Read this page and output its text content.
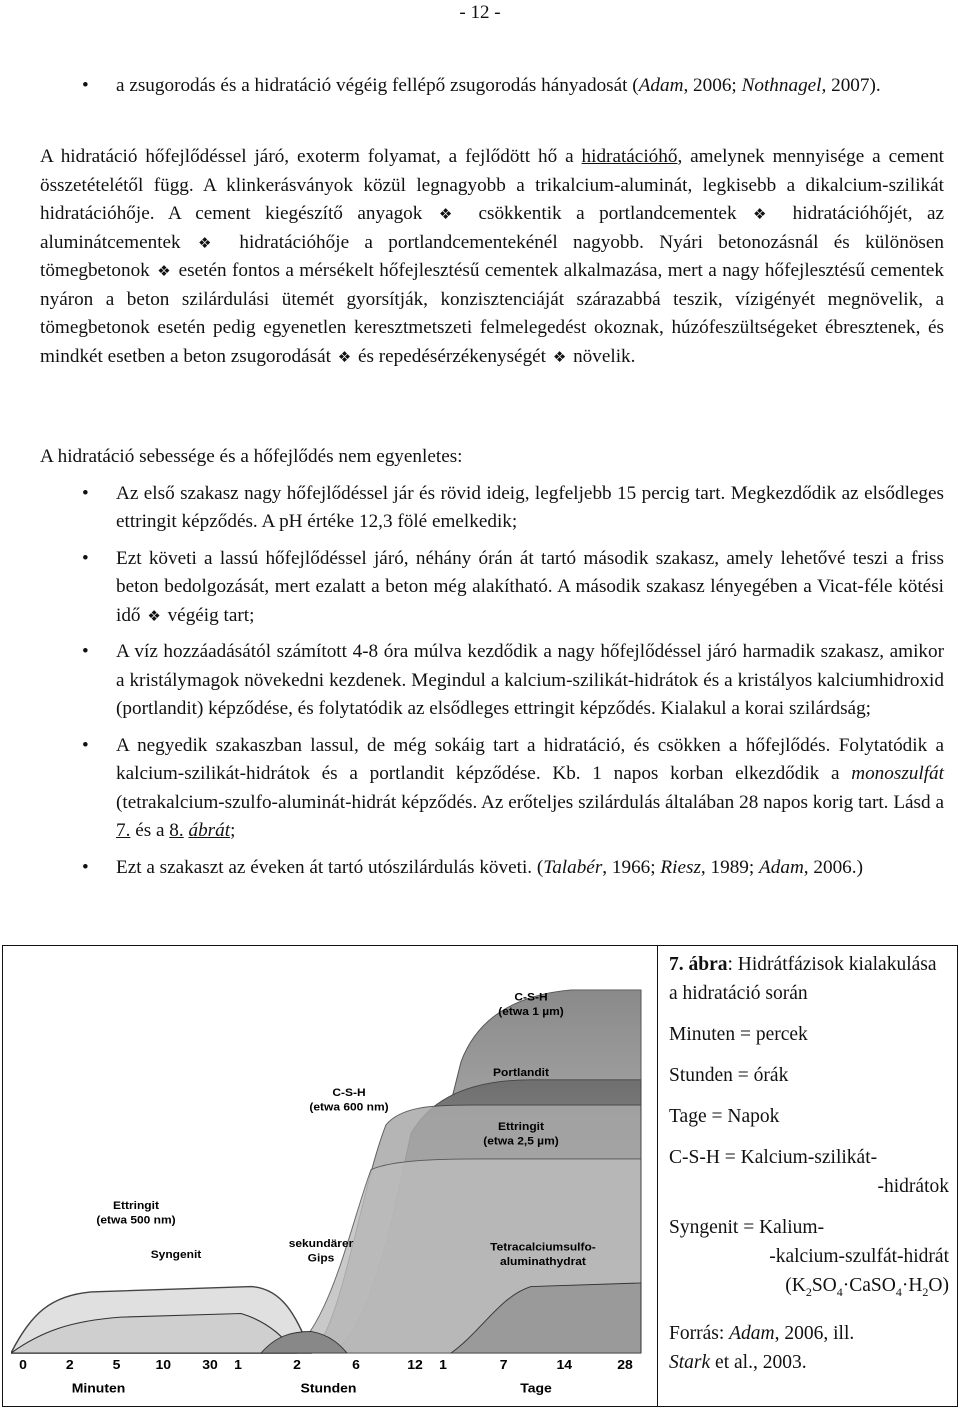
- 12 -
• a zsugorodás és a hidratáció végéig fellépő zsugorodás hányadosát (Adam, 2006; Nothnagel, 2007).

A hidratáció hőfejlődéssel járó, exoterm folyamat, a fejlődött hő a hidratációhő, amelynek mennyisége a cement összetételétől függ. A klinkerásványok közül legnagyobb a trikalcium-aluminát, legkisebb a dikalcium-szilikát hidratációhője. A cement kiegészítő anyagok ❖ csökkentik a portlandcementek ❖ hidratációhőjét, az aluminátcementek ❖ hidratációhője a portlandcementekénél nagyobb. Nyári betonozásnál és különösen tömegbetonok ❖ esetén fontos a mérsékelt hőfejlesztésű cementek alkalmazása, mert a nagy hőfejlesztésű cementek nyáron a beton szilárdulási ütemét gyorsítják, konzisztenciáját szárazabbá teszik, vízigényét megnövelik, a tömegbetonok esetén pedig egyenetlen keresztmetszeti felmelegedést okoznak, húzófeszültségeket ébresztenek, és mindkét esetben a beton zsugorodását ❖ és repedésérzékenységét ❖ növelik.

A hidratáció sebessége és a hőfejlődés nem egyenletes:

• Az első szakasz nagy hőfejlődéssel jár és rövid ideig, legfeljebb 15 percig tart. Megkezdődik az elsődleges ettringit képződés. A pH értéke 12,3 fölé emelkedik;
• Ezt követi a lassú hőfejlődéssel járó, néhány órán át tartó második szakasz, amely lehetővé teszi a friss beton bedolgozását, mert ezalatt a beton még alakítható. A második szakasz lényegében a Vicat-féle kötési idő ❖ végéig tart;
• A víz hozzáadásától számított 4-8 óra múlva kezdődik a nagy hőfejlődéssel járó harmadik szakasz, amikor a kristálymagok növekedni kezdenek. Megindul a kalcium-szilikát-hidrátok és a kristályos kalciumhidroxid (portlandit) képződése, és folytatódik az elsődleges ettringit képződés. Kialakul a korai szilárdság;
• A negyedik szakaszban lassul, de még sokáig tart a hidratáció, és csökken a hőfejlődés. Folytatódik a kalcium-szilikát-hidrátok és a portlandit képződése. Kb. 1 napos korban elkezdődik a monoszulfát (tetrakalcium-szulfo-aluminát-hidrát képződés. Az erőteljes szilárdulás általában 28 napos korig tart. Lásd a 7. és a 8. ábrát;
• Ezt a szakaszt az éveken át tartó utószilárdulás követi. (Talabér, 1966; Riesz, 1989; Adam, 2006.)
C-S-H
(etwa 1 µm)
C-S-H
(etwa 600 nm)
Portlandit
Ettringit
(etwa 2,5 µm)
Ettringit
(etwa 500 nm)
Syngenit
sekundärer
Gips
Tetracalciumsulfo-
aluminathydrat
0	2	5	10 30
Minuten
1	2	6	12
Stunden
1	7	14	28
Tage
7. ábra: Hidrátfázisok kialakulása a hidratáció során
Minuten = percek
Stunden = órák
Tage = Napok
C-S-H = Kalcium-szilikát-
-hidrátok
Syngenit = Kalium-
-kalcium-szulfát-hidrát
$(K_2SO_4\cdot CaSO_4\cdot H_2O)$
Forrás: Adam, 2006, ill.
Stark et al., 2003.
